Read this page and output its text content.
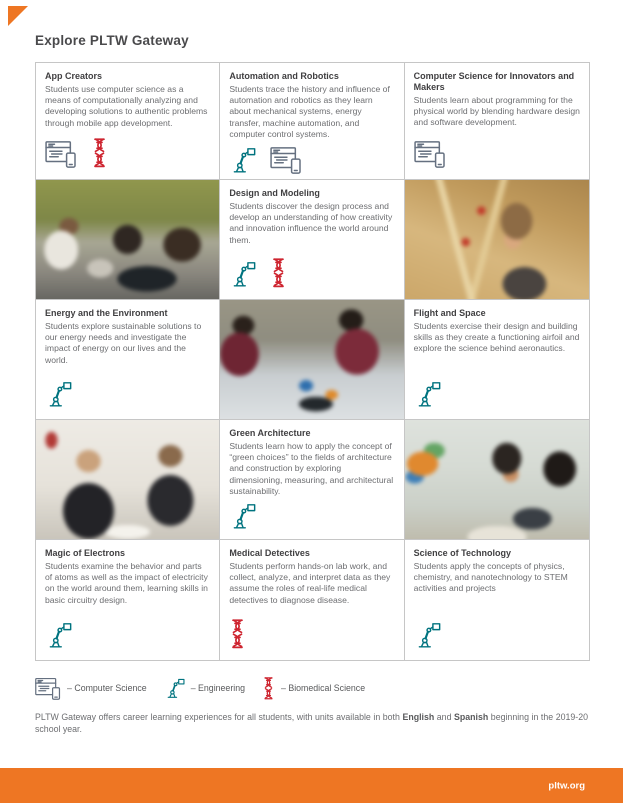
Explore PLTW Gateway
App Creators

Students use computer science as a means of computationally analyzing and developing solutions to authentic problems through mobile app development.

Automation and Robotics

Students trace the history and influence of automation and robotics as they learn about mechanical systems, energy transfer, machine automation, and computer control systems.

Computer Science for Innovators and Makers

Students learn about programming for the physical world by blending hardware design and software development.

Design and Modeling

Students discover the design process and develop an understanding of how creativity and innovation influence the world around them.

Energy and the Environment

Students explore sustainable solutions to our energy needs and investigate the impact of energy on our lives and the world.

Flight and Space

Students exercise their design and building skills as they create a functioning airfoil and explore the science behind aeronautics.

Green Architecture

Students learn how to apply the concept of “green choices” to the fields of architecture and construction by exploring dimensioning, measuring, and architectural sustainability.

Magic of Electrons

Students examine the behavior and parts of atoms as well as the impact of electricity on the world around them, learning skills in basic circuitry design.

Medical Detectives

Students perform hands-on lab work, and collect, analyze, and interpret data as they assume the roles of real-life medical detectives to diagnose disease.

Science of Technology

Students apply the concepts of physics, chemistry, and nanotechnology to STEM activities and projects

– Computer Science	– Engineering	– Biomedical Science

PLTW Gateway offers career learning experiences for all students, with units available in both English and Spanish beginning in the 2019-20 school year.

pltw.org
